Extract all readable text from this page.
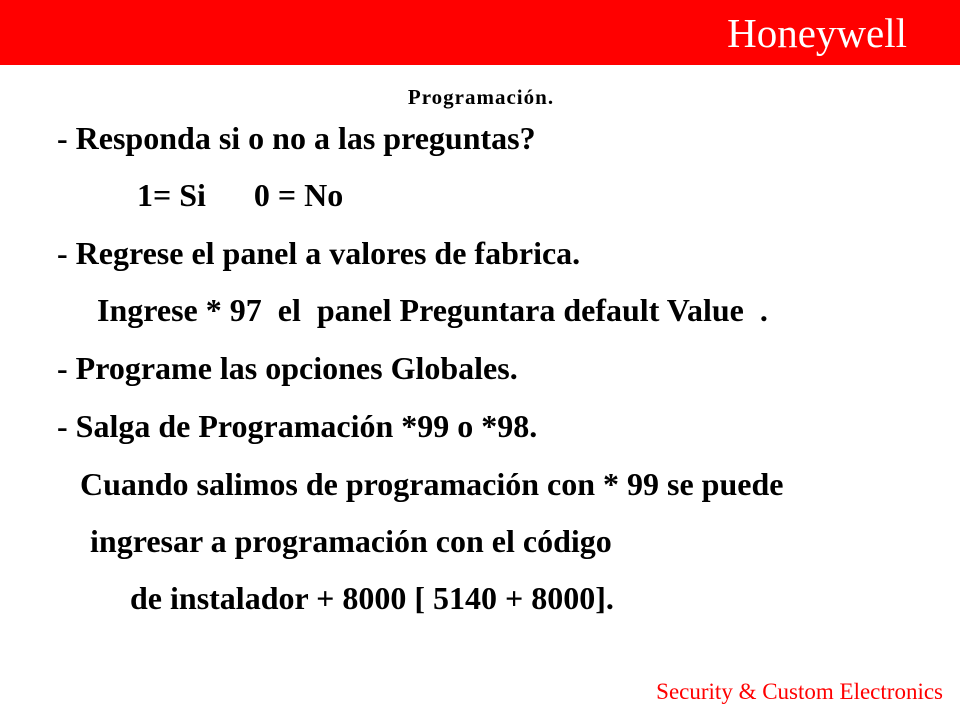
Honeywell
Programación.
- Responda si o no a las preguntas?
1= Si      0 = No
- Regrese el panel a valores de fabrica.
Ingrese * 97  el  panel Preguntara default Value  .
- Programe las opciones Globales.
- Salga de Programación *99 o *98.
Cuando salimos de programación con * 99 se puede
ingresar a programación con el código
de instalador + 8000 [ 5140 + 8000].
Security & Custom Electronics
